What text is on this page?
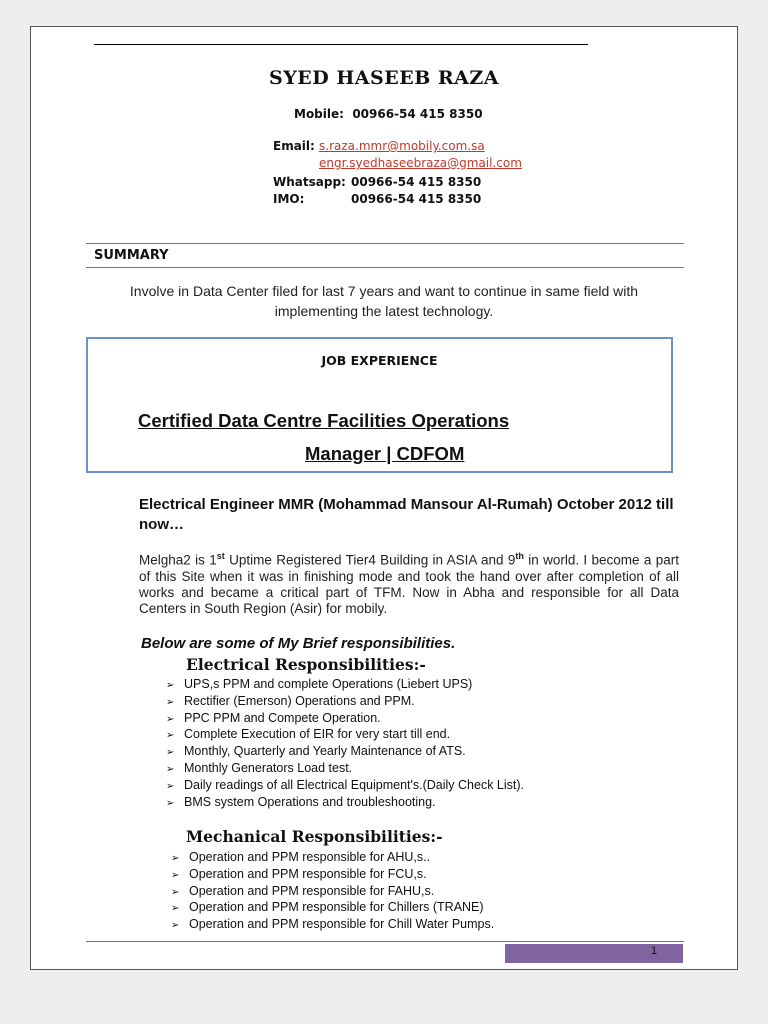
SYED HASEEB RAZA
Mobile: 00966-54 415 8350
Email: s.raza.mmr@mobily.com.sa
engr.syedhaseebraza@gmail.com
Whatsapp: 00966-54 415 8350
IMO:	00966-54 415 8350
SUMMARY
Involve in Data Center filed for last 7 years and want to continue in same field with
implementing the latest technology.
JOB EXPERIENCE
Certified Data Centre Facilities Operations
Manager | CDFOM
Electrical Engineer MMR (Mohammad Mansour Al-Rumah) October 2012 till now…
Melgha2 is 1st Uptime Registered Tier4 Building in ASIA and 9th in world. I become a part of this Site when it was in finishing mode and took the hand over after completion of all works and became a critical part of TFM. Now in Abha and responsible for all Data Centers in South Region (Asir) for mobily.
Below are some of My Brief responsibilities.
Electrical Responsibilities:-
➢ UPS,s PPM and complete Operations (Liebert UPS)
➢ Rectifier (Emerson) Operations and PPM.
➢ PPC PPM and Compete Operation.
➢ Complete Execution of EIR for very start till end.
➢ Monthly, Quarterly and Yearly Maintenance of ATS.
➢ Monthly Generators Load test.
➢ Daily readings of all Electrical Equipment's.(Daily Check List).
➢ BMS system Operations and troubleshooting.
Mechanical Responsibilities:-
➢ Operation and PPM responsible for AHU,s..
➢ Operation and PPM responsible for FCU,s.
➢ Operation and PPM responsible for FAHU,s.
➢ Operation and PPM responsible for Chillers (TRANE)
➢ Operation and PPM responsible for Chill Water Pumps.
1
